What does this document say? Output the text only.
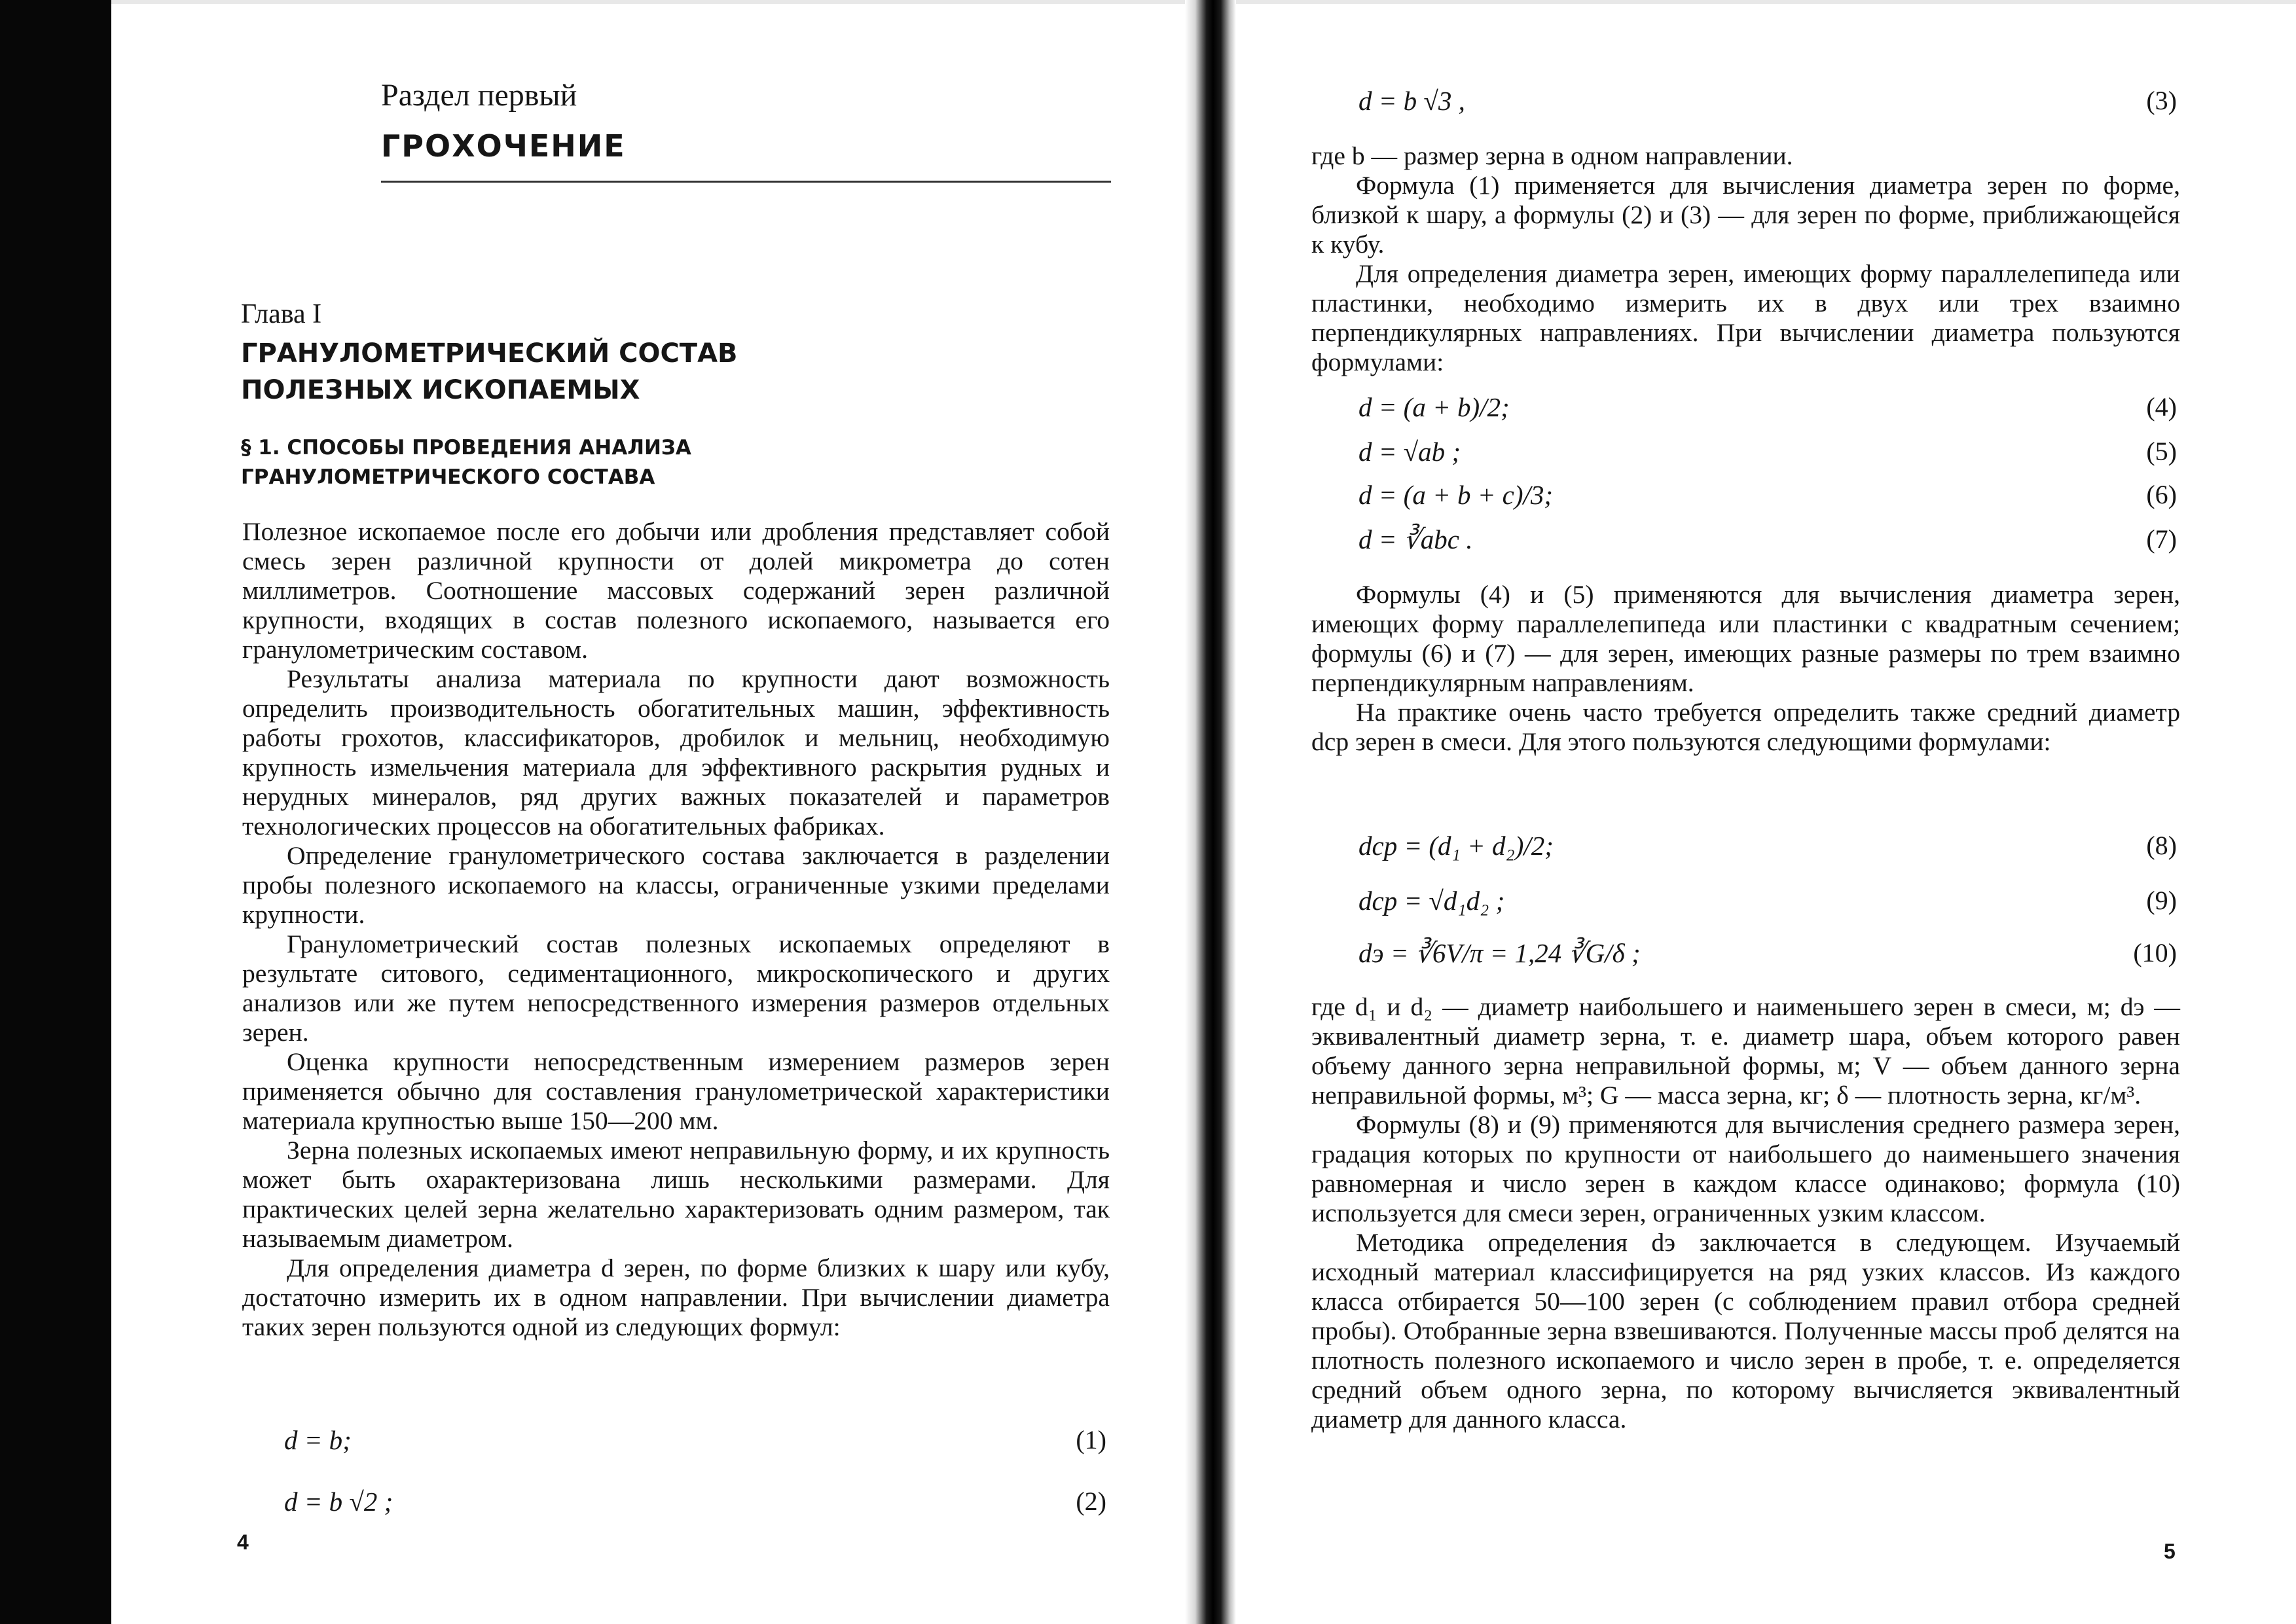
Раздел первый
ГРОХОЧЕНИЕ
Глава I
ГРАНУЛОМЕТРИЧЕСКИЙ СОСТАВ
ПОЛЕЗНЫХ ИСКОПАЕМЫХ
§ 1. СПОСОБЫ ПРОВЕДЕНИЯ АНАЛИЗА
ГРАНУЛОМЕТРИЧЕСКОГО СОСТАВА

Полезное ископаемое после его добычи или дробления представляет собой смесь зерен различной крупности от долей микрометра до сотен миллиметров. Соотношение массовых содержаний зерен различной крупности, входящих в состав полезного ископаемого, называется его гранулометрическим составом.

Результаты анализа материала по крупности дают возможность определить производительность обогатительных машин, эффективность работы грохотов, классификаторов, дробилок и мельниц, необходимую крупность измельчения материала для эффективного раскрытия рудных и нерудных минералов, ряд других важных показателей и параметров технологических процессов на обогатительных фабриках.

Определение гранулометрического состава заключается в разделении пробы полезного ископаемого на классы, ограниченные узкими пределами крупности.

Гранулометрический состав полезных ископаемых определяют в результате ситового, седиментационного, микроскопического и других анализов или же путем непосредственного измерения размеров отдельных зерен.

Оценка крупности непосредственным измерением размеров зерен применяется обычно для составления гранулометрической характеристики материала крупностью выше 150—200 мм.

Зерна полезных ископаемых имеют неправильную форму, и их крупность может быть охарактеризована лишь несколькими размерами. Для практических целей зерна желательно характеризовать одним размером, так называемым диаметром.

Для определения диаметра d зерен, по форме близких к шару или кубу, достаточно измерить их в одном направлении. При вычислении диаметра таких зерен пользуются одной из следующих формул:

d = b;	(1)
d = b √2 ;	(2)
4
d = b √3 ,	(3)

где b — размер зерна в одном направлении.

Формула (1) применяется для вычисления диаметра зерен по форме, близкой к шару, а формулы (2) и (3) — для зерен по форме, приближающейся к кубу.

Для определения диаметра зерен, имеющих форму параллелепипеда или пластинки, необходимо измерить их в двух или трех взаимно перпендикулярных направлениях. При вычислении диаметра пользуются формулами:

d = (a + b)/2;	(4)
d = √ab ;	(5)
d = (a + b + c)/3;	(6)
d = ∛abc .	(7)

Формулы (4) и (5) применяются для вычисления диаметра зерен, имеющих форму параллелепипеда или пластинки с квадратным сечением; формулы (6) и (7) — для зерен, имеющих разные размеры по трем взаимно перпендикулярным направлениям.

На практике очень часто требуется определить также средний диаметр dср зерен в смеси. Для этого пользуются следующими формулами:

dср = (d₁ + d₂)/2;	(8)
dср = √d₁d₂ ;	(9)
dэ = ∛6V/π = 1,24 ∛G/δ ;	(10)

где d₁ и d₂ — диаметр наибольшего и наименьшего зерен в смеси, м; dэ — эквивалентный диаметр зерна, т. е. диаметр шара, объем которого равен объему данного зерна неправильной формы, м; V — объем данного зерна неправильной формы, м³; G — масса зерна, кг; δ — плотность зерна, кг/м³.

Формулы (8) и (9) применяются для вычисления среднего размера зерен, градация которых по крупности от наибольшего до наименьшего значения равномерная и число зерен в каждом классе одинаково; формула (10) используется для смеси зерен, ограниченных узким классом.

Методика определения dэ заключается в следующем. Изучаемый исходный материал классифицируется на ряд узких классов. Из каждого класса отбирается 50—100 зерен (с соблюдением правил отбора средней пробы). Отобранные зерна взвешиваются. Полученные массы проб делятся на плотность полезного ископаемого и число зерен в пробе, т. е. определяется средний объем одного зерна, по которому вычисляется эквивалентный диаметр для данного класса.

5
